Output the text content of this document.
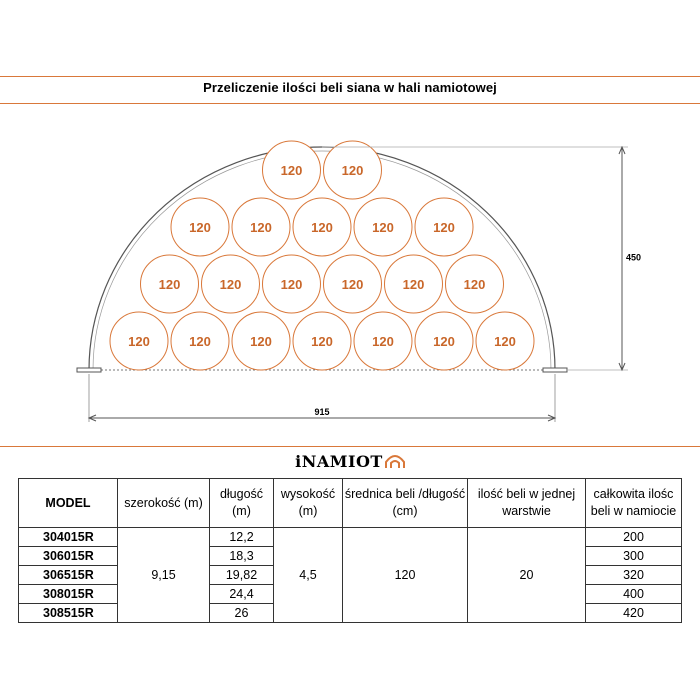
Przeliczenie ilości beli siana w hali namiotowej
120	120
120	120	120	120	120
120	120	120	120	120	120
120	120	120	120	120	120	120
450
915
iNAMIOT
MODEL	szerokość (m)	długość (m)	wysokość (m)	średnica beli /długość (cm)	ilość beli w jednej warstwie	całkowita ilośc beli w namiocie
304015R	9,15	12,2	4,5	120	20	200
306015R		18,3				300
306515R		19,82				320
308015R		24,4				400
308515R		26				420
